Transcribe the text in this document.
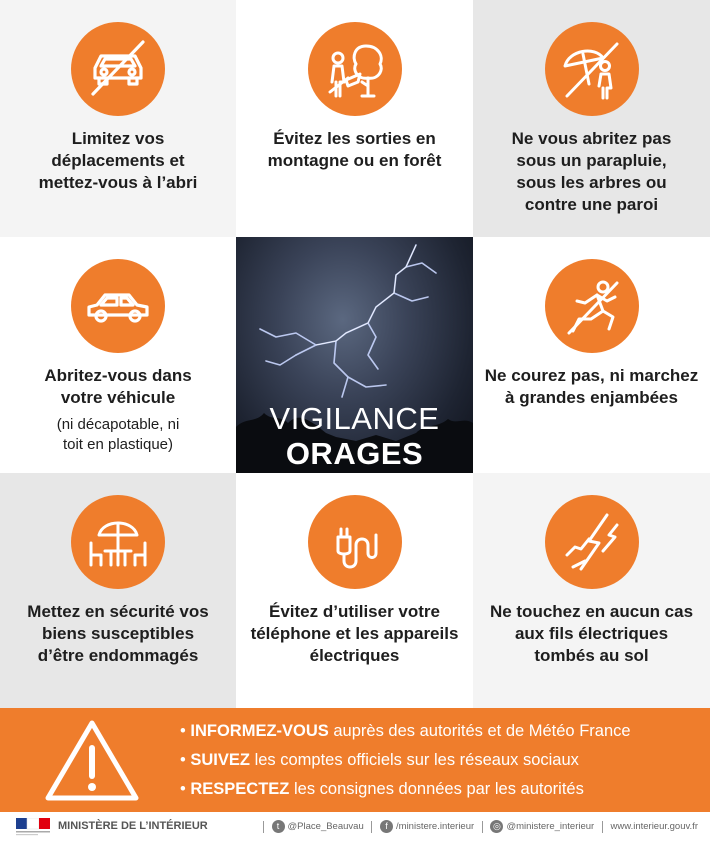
Limitez vos déplacements et mettez-vous à l’abri
Évitez les sorties en montagne ou en forêt
Ne vous abritez pas sous un parapluie, sous les arbres ou contre une paroi
Abritez-vous dans votre véhicule
(ni décapotable, ni toit en plastique)
VIGILANCE
ORAGES
Ne courez pas, ni marchez à grandes enjambées
Mettez en sécurité vos biens susceptibles d’être endommagés
Évitez d’utiliser votre téléphone et les appareils électriques
Ne touchez en aucun cas aux fils électriques tombés au sol
• INFORMEZ-VOUS auprès des autorités et de Météo France
• SUIVEZ les comptes officiels sur les réseaux sociaux
• RESPECTEZ les consignes données par les autorités
MINISTÈRE DE L’INTÉRIEUR	t @Place_Beauvau f /ministere.interieur ◎ @ministere_interieur www.interieur.gouv.fr
